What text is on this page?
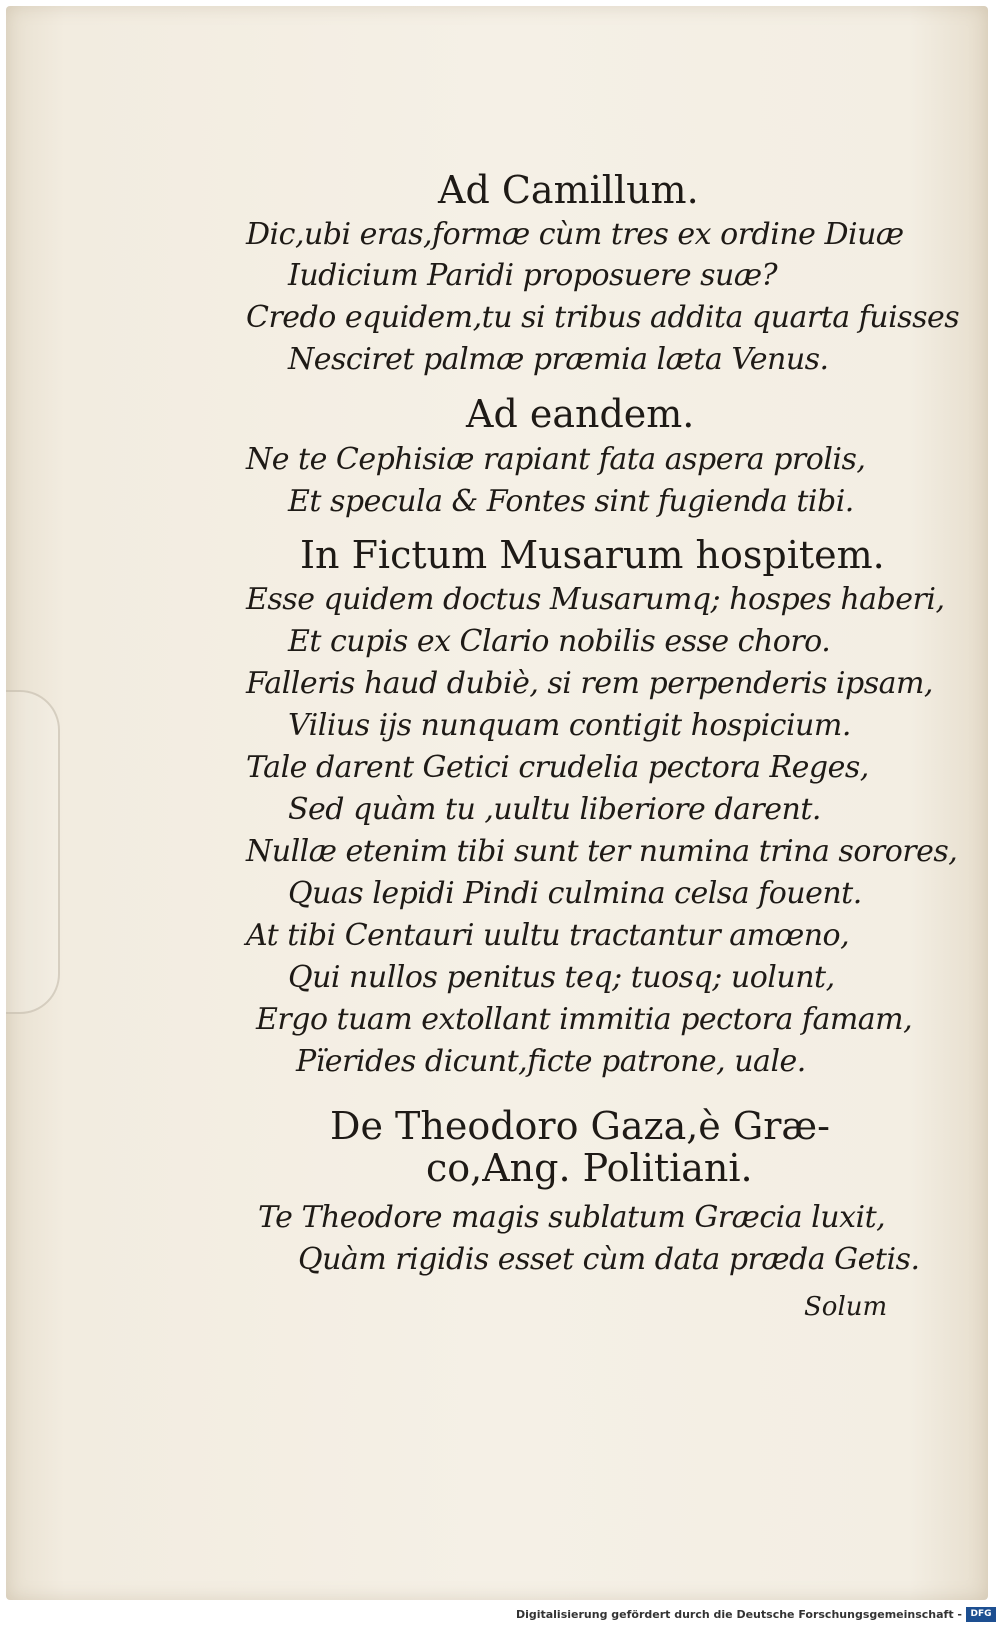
Ad Camillum.
Dic,ubi eras,formæ cùm tres ex ordine Diuæ
Iudicium Paridi proposuere suæ?
Credo equidem,tu si tribus addita quarta fuisses
Nesciret palmæ præmia læta Venus.
Ad eandem.
Ne te Cephisiæ rapiant fata aspera prolis,
Et specula & Fontes sint fugienda tibi.
In Fictum Musarum hospitem.
Esse quidem doctus Musarumq; hospes haberi,
Et cupis ex Clario nobilis esse choro.
Falleris haud dubiè, si rem perpenderis ipsam,
Vilius ijs nunquam contigit hospicium.
Tale darent Getici crudelia pectora Reges,
Sed quàm tu ,uultu liberiore darent.
Nullæ etenim tibi sunt ter numina trina sorores,
Quas lepidi Pindi culmina celsa fouent.
At tibi Centauri uultu tractantur amœno,
Qui nullos penitus teq; tuosq; uolunt,
Ergo tuam extollant immitia pectora famam,
Pïerides dicunt,ficte patrone, uale.
De Theodoro Gaza,è Græ-
co,Ang. Politiani.
Te Theodore magis sublatum Græcia luxit,
Quàm rigidis esset cùm data præda Getis.
Solum
Digitalisierung gefördert durch die Deutsche Forschungsgemeinschaft - DFG
